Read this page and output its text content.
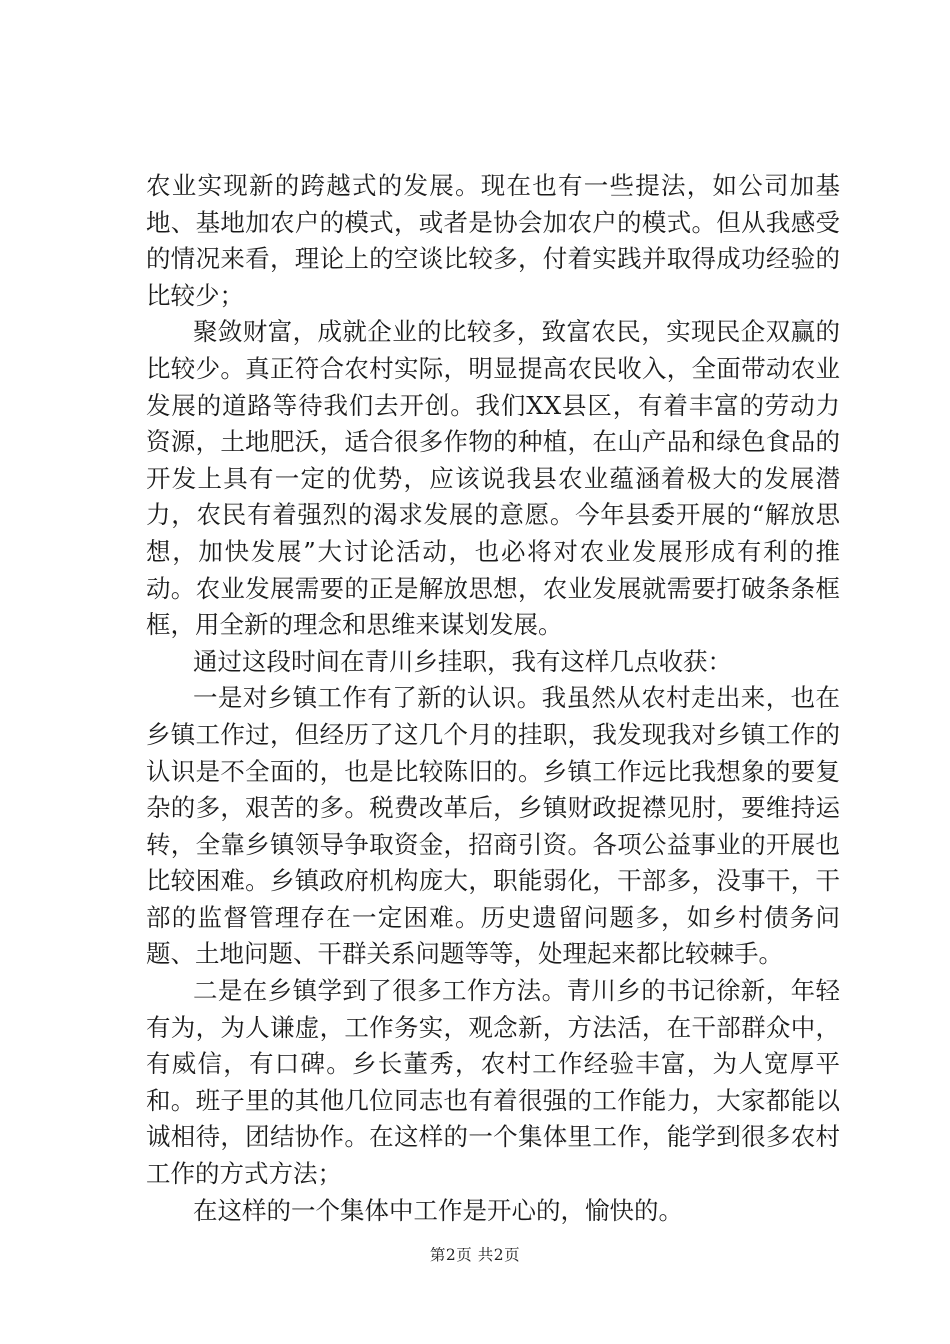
农业实现新的跨越式的发展。现在也有一些提法，如公司加基地、基地加农户的模式，或者是协会加农户的模式。但从我感受的情况来看，理论上的空谈比较多，付着实践并取得成功经验的比较少；

聚敛财富，成就企业的比较多，致富农民，实现民企双赢的比较少。真正符合农村实际，明显提高农民收入，全面带动农业发展的道路等待我们去开创。我们XX县区，有着丰富的劳动力资源，土地肥沃，适合很多作物的种植，在山产品和绿色食品的开发上具有一定的优势，应该说我县农业蕴涵着极大的发展潜力，农民有着强烈的渴求发展的意愿。今年县委开展的“解放思想，加快发展”大讨论活动，也必将对农业发展形成有利的推动。农业发展需要的正是解放思想，农业发展就需要打破条条框框，用全新的理念和思维来谋划发展。

通过这段时间在青川乡挂职，我有这样几点收获：

一是对乡镇工作有了新的认识。我虽然从农村走出来，也在乡镇工作过，但经历了这几个月的挂职，我发现我对乡镇工作的认识是不全面的，也是比较陈旧的。乡镇工作远比我想象的要复杂的多，艰苦的多。税费改革后，乡镇财政捉襟见肘，要维持运转，全靠乡镇领导争取资金，招商引资。各项公益事业的开展也比较困难。乡镇政府机构庞大，职能弱化，干部多，没事干，干部的监督管理存在一定困难。历史遗留问题多，如乡村债务问题、土地问题、干群关系问题等等，处理起来都比较棘手。

二是在乡镇学到了很多工作方法。青川乡的书记徐新，年轻有为，为人谦虚，工作务实，观念新，方法活，在干部群众中，有威信，有口碑。乡长董秀，农村工作经验丰富，为人宽厚平和。班子里的其他几位同志也有着很强的工作能力，大家都能以诚相待，团结协作。在这样的一个集体里工作，能学到很多农村工作的方式方法；

在这样的一个集体中工作是开心的，愉快的。

第2页 共2页
